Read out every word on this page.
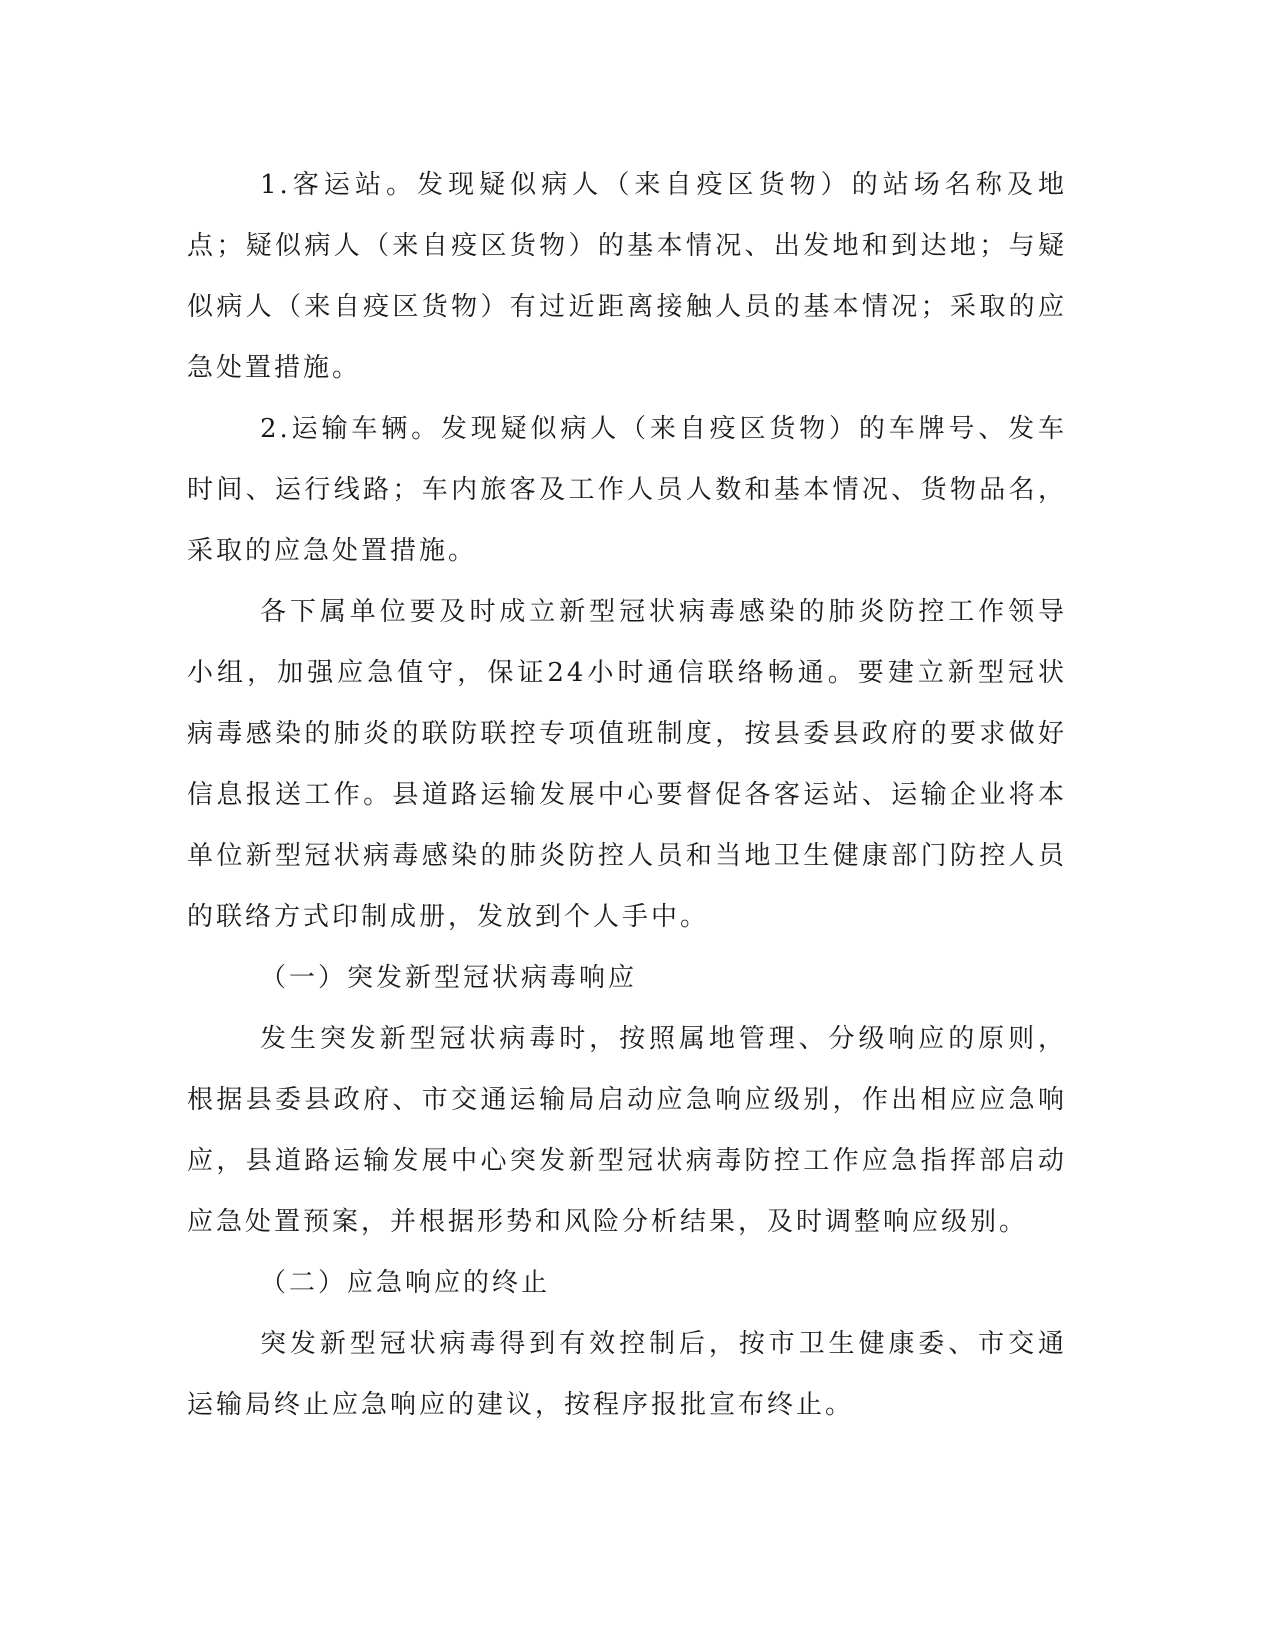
1.客运站。发现疑似病人（来自疫区货物）的站场名称及地点；疑似病人（来自疫区货物）的基本情况、出发地和到达地；与疑似病人（来自疫区货物）有过近距离接触人员的基本情况；采取的应急处置措施。

2.运输车辆。发现疑似病人（来自疫区货物）的车牌号、发车时间、运行线路；车内旅客及工作人员人数和基本情况、货物品名，采取的应急处置措施。

各下属单位要及时成立新型冠状病毒感染的肺炎防控工作领导小组，加强应急值守，保证24小时通信联络畅通。要建立新型冠状病毒感染的肺炎的联防联控专项值班制度，按县委县政府的要求做好信息报送工作。县道路运输发展中心要督促各客运站、运输企业将本单位新型冠状病毒感染的肺炎防控人员和当地卫生健康部门防控人员的联络方式印制成册，发放到个人手中。

（一）突发新型冠状病毒响应

发生突发新型冠状病毒时，按照属地管理、分级响应的原则，根据县委县政府、市交通运输局启动应急响应级别，作出相应应急响应，县道路运输发展中心突发新型冠状病毒防控工作应急指挥部启动应急处置预案，并根据形势和风险分析结果，及时调整响应级别。

（二）应急响应的终止

突发新型冠状病毒得到有效控制后，按市卫生健康委、市交通运输局终止应急响应的建议，按程序报批宣布终止。
